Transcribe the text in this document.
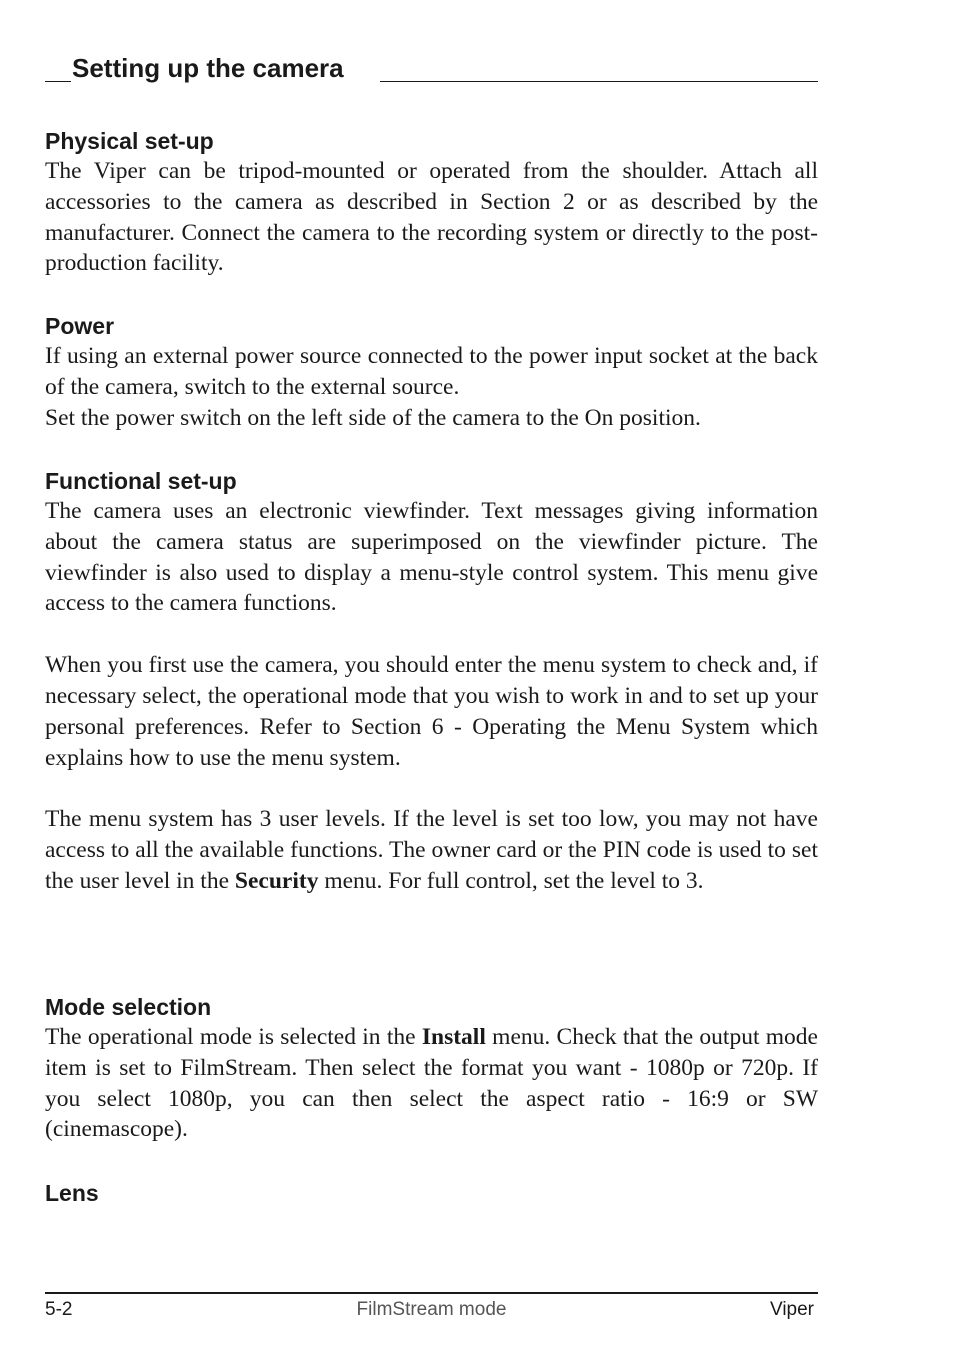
Setting up the camera
Physical set-up

The Viper can be tripod-mounted or operated from the shoulder. Attach all accessories to the camera as described in Section 2 or as described by the manufacturer. Connect the camera to the recording system or directly to the post-production facility.

Power

If using an external power source connected to the power input socket at the back of the camera, switch to the external source.

Set the power switch on the left side of the camera to the On position.

Functional set-up

The camera uses an electronic viewfinder. Text messages giving information about the camera status are superimposed on the viewfinder picture. The viewfinder is also used to display a menu-style control system. This menu give access to the camera functions.

When you first use the camera, you should enter the menu system to check and, if necessary select, the operational mode that you wish to work in and to set up your personal preferences. Refer to Section 6 - Operating the Menu System which explains how to use the menu system.

The menu system has 3 user levels. If the level is set too low, you may not have access to all the available functions. The owner card or the PIN code is used to set the user level in the Security menu. For full control, set the level to 3.

Mode selection

The operational mode is selected in the Install menu. Check that the output mode item is set to FilmStream. Then select the format you want - 1080p or 720p. If you select 1080p, you can then select the aspect ratio - 16:9 or SW (cinemascope).

Lens
5-2	FilmStream mode	Viper
